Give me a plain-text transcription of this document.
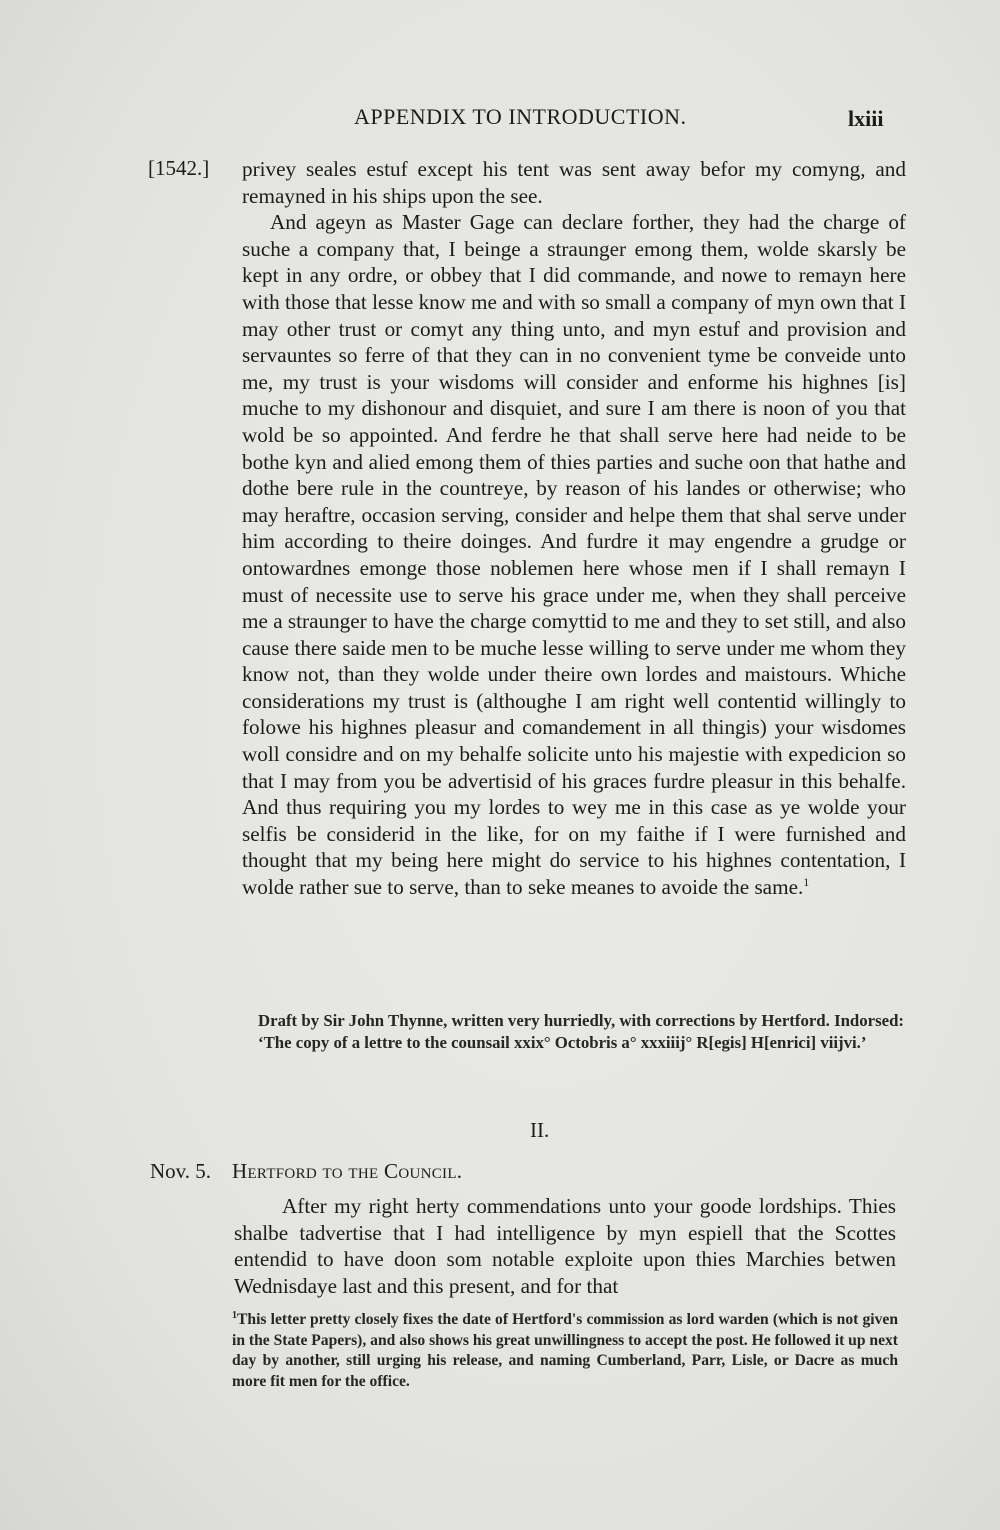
APPENDIX TO INTRODUCTION.	lxiii
[1542.] privey seales estuf except his tent was sent away befor my comyng, and remayned in his ships upon the see.

And ageyn as Master Gage can declare forther, they had the charge of suche a company that, I beinge a straunger emong them, wolde skarsly be kept in any ordre, or obbey that I did commande, and nowe to remayn here with those that lesse know me and with so small a company of myn own that I may other trust or comyt any thing unto, and myn estuf and provision and servauntes so ferre of that they can in no convenient tyme be conveide unto me, my trust is your wisdoms will consider and enforme his highnes [is] muche to my dishonour and disquiet, and sure I am there is noon of you that wold be so appointed. And ferdre he that shall serve here had neide to be bothe kyn and alied emong them of thies parties and suche oon that hathe and dothe bere rule in the countreye, by reason of his landes or otherwise; who may heraftre, occasion serving, consider and helpe them that shal serve under him according to theire doinges. And furdre it may engendre a grudge or ontowardnes emonge those noblemen here whose men if I shall remayn I must of necessite use to serve his grace under me, when they shall perceive me a straunger to have the charge comyttid to me and they to set still, and also cause there saide men to be muche lesse willing to serve under me whom they know not, than they wolde under theire own lordes and maistours. Whiche considerations my trust is (althoughe I am right well contentid willingly to folowe his highnes pleasur and comandement in all thingis) your wisdomes woll considre and on my behalfe solicite unto his majestie with expedicion so that I may from you be advertisid of his graces furdre pleasur in this behalfe. And thus requiring you my lordes to wey me in this case as ye wolde your selfis be considerid in the like, for on my faithe if I were furnished and thought that my being here might do service to his highnes contentation, I wolde rather sue to serve, than to seke meanes to avoide the same.$^1$

Draft by Sir John Thynne, written very hurriedly, with corrections by Hertford. Indorsed: ‘The copy of a lettre to the counsail xxix° Octobris a° xxxiiij° R[egis] H[enrici] viijvi.’
II.
Nov. 5. Hertford to the Council.

After my right herty commendations unto your goode lordships. Thies shalbe tadvertise that I had intelligence by myn espiell that the Scottes entendid to have doon som notable exploite upon thies Marchies betwen Wednisdaye last and this present, and for that

$^1$This letter pretty closely fixes the date of Hertford's commission as lord warden (which is not given in the State Papers), and also shows his great unwillingness to accept the post. He followed it up next day by another, still urging his release, and naming Cumberland, Parr, Lisle, or Dacre as much more fit men for the office.
